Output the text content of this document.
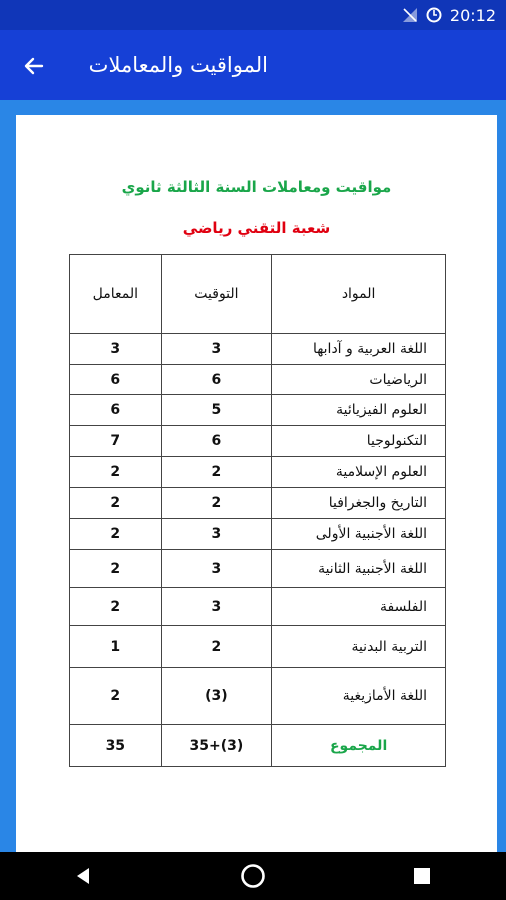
20:12
المواقيت والمعاملات
مواقيت ومعاملات السنة الثالثة ثانوي
شعبة التقني رياضي
المواد	التوقيت	المعامل
اللغة العربية و آدابها	3	3
الرياضيات	6	6
العلوم الفيزيائية	5	6
التكنولوجيا	6	7
العلوم الإسلامية	2	2
التاريخ والجغرافيا	2	2
اللغة الأجنبية الأولى	3	2
اللغة الأجنبية الثانية	3	2
الفلسفة	3	2
التربية البدنية	2	1
اللغة الأمازيغية	(3)	2
المجموع	35+(3)	35
